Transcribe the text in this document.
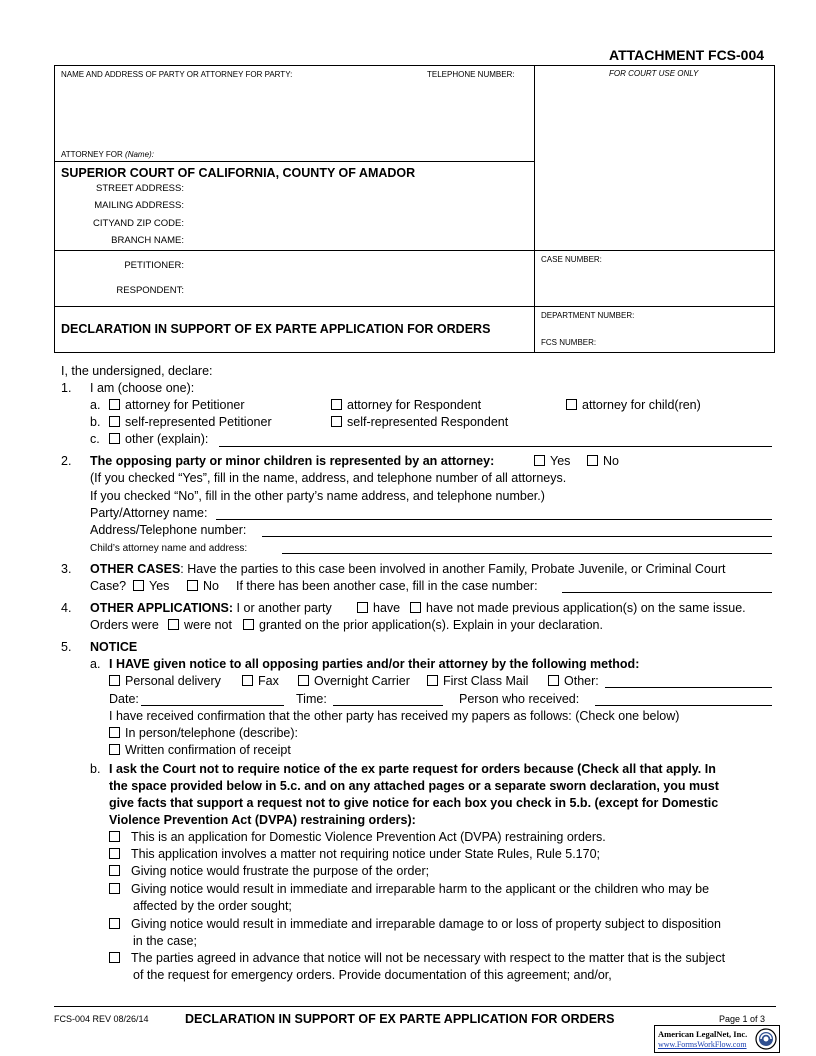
ATTACHMENT FCS-004
NAME AND ADDRESS OF PARTY OR ATTORNEY FOR PARTY:	TELEPHONE NUMBER:	FOR COURT USE ONLY
ATTORNEY FOR (Name):
SUPERIOR COURT OF CALIFORNIA, COUNTY OF AMADOR
STREET ADDRESS:
MAILING ADDRESS:
CITYAND ZIP CODE:
BRANCH NAME:
PETITIONER:
RESPONDENT:
CASE NUMBER:
DECLARATION IN SUPPORT OF EX PARTE APPLICATION FOR ORDERS
DEPARTMENT NUMBER:
FCS NUMBER:
I, the undersigned, declare:
1. I am (choose one):
a.	attorney for Petitioner	attorney for Respondent	attorney for child(ren)
b.	self-represented Petitioner	self-represented Respondent
c.	other (explain):
2. The opposing party or minor children is represented by an attorney:	Yes	No
(If you checked “Yes”, fill in the name, address, and telephone number of all attorneys.
If you checked “No”, fill in the other party’s name address, and telephone number.)
Party/Attorney name:
Address/Telephone number:
Child’s attorney name and address:
3. OTHER CASES: Have the parties to this case been involved in another Family, Probate Juvenile, or Criminal Court
Case?	Yes	No If there has been another case, fill in the case number:
4. OTHER APPLICATIONS: I or another party	have	have not made previous application(s) on the same issue.
Orders were	were not	granted on the prior application(s). Explain in your declaration.
5. NOTICE
a. I HAVE given notice to all opposing parties and/or their attorney by the following method:
Personal delivery	Fax	Overnight Carrier	First Class Mail	Other:
Date:	Time:	Person who received:
I have received confirmation that the other party has received my papers as follows: (Check one below)
In person/telephone (describe):
Written confirmation of receipt
b. I ask the Court not to require notice of the ex parte request for orders because (Check all that apply. In
the space provided below in 5.c. and on any attached pages or a separate sworn declaration, you must
give facts that support a request not to give notice for each box you check in 5.b. (except for Domestic
Violence Prevention Act (DVPA) restraining orders):
This is an application for Domestic Violence Prevention Act (DVPA) restraining orders.
This application involves a matter not requiring notice under State Rules, Rule 5.170;
Giving notice would frustrate the purpose of the order;
Giving notice would result in immediate and irreparable harm to the applicant or the children who may be
affected by the order sought;
Giving notice would result in immediate and irreparable damage to or loss of property subject to disposition
in the case;
The parties agreed in advance that notice will not be necessary with respect to the matter that is the subject
of the request for emergency orders. Provide documentation of this agreement; and/or,
FCS-004 REV 08/26/14	DECLARATION IN SUPPORT OF EX PARTE APPLICATION FOR ORDERS	Page 1 of 3
American LegalNet, Inc.
www.FormsWorkFlow.com
